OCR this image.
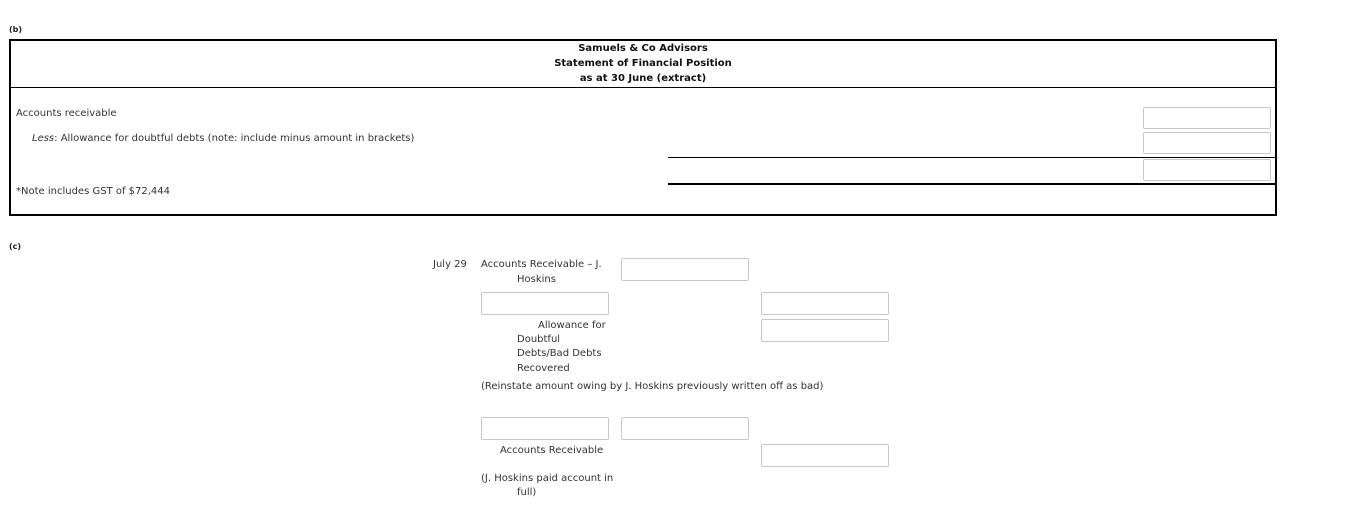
(b)
Samuels & Co Advisors
Statement of Financial Position
as at 30 June (extract)
Accounts receivable
Less: Allowance for doubtful debts (note: include minus amount in brackets)
*Note includes GST of $72,444
(c)
July 29 Accounts Receivable – J.
Hoskins
Allowance for
Doubtful
Debts/Bad Debts
Recovered
(Reinstate amount owing by J. Hoskins previously written off as bad)
Accounts Receivable
(J. Hoskins paid account in
full)
